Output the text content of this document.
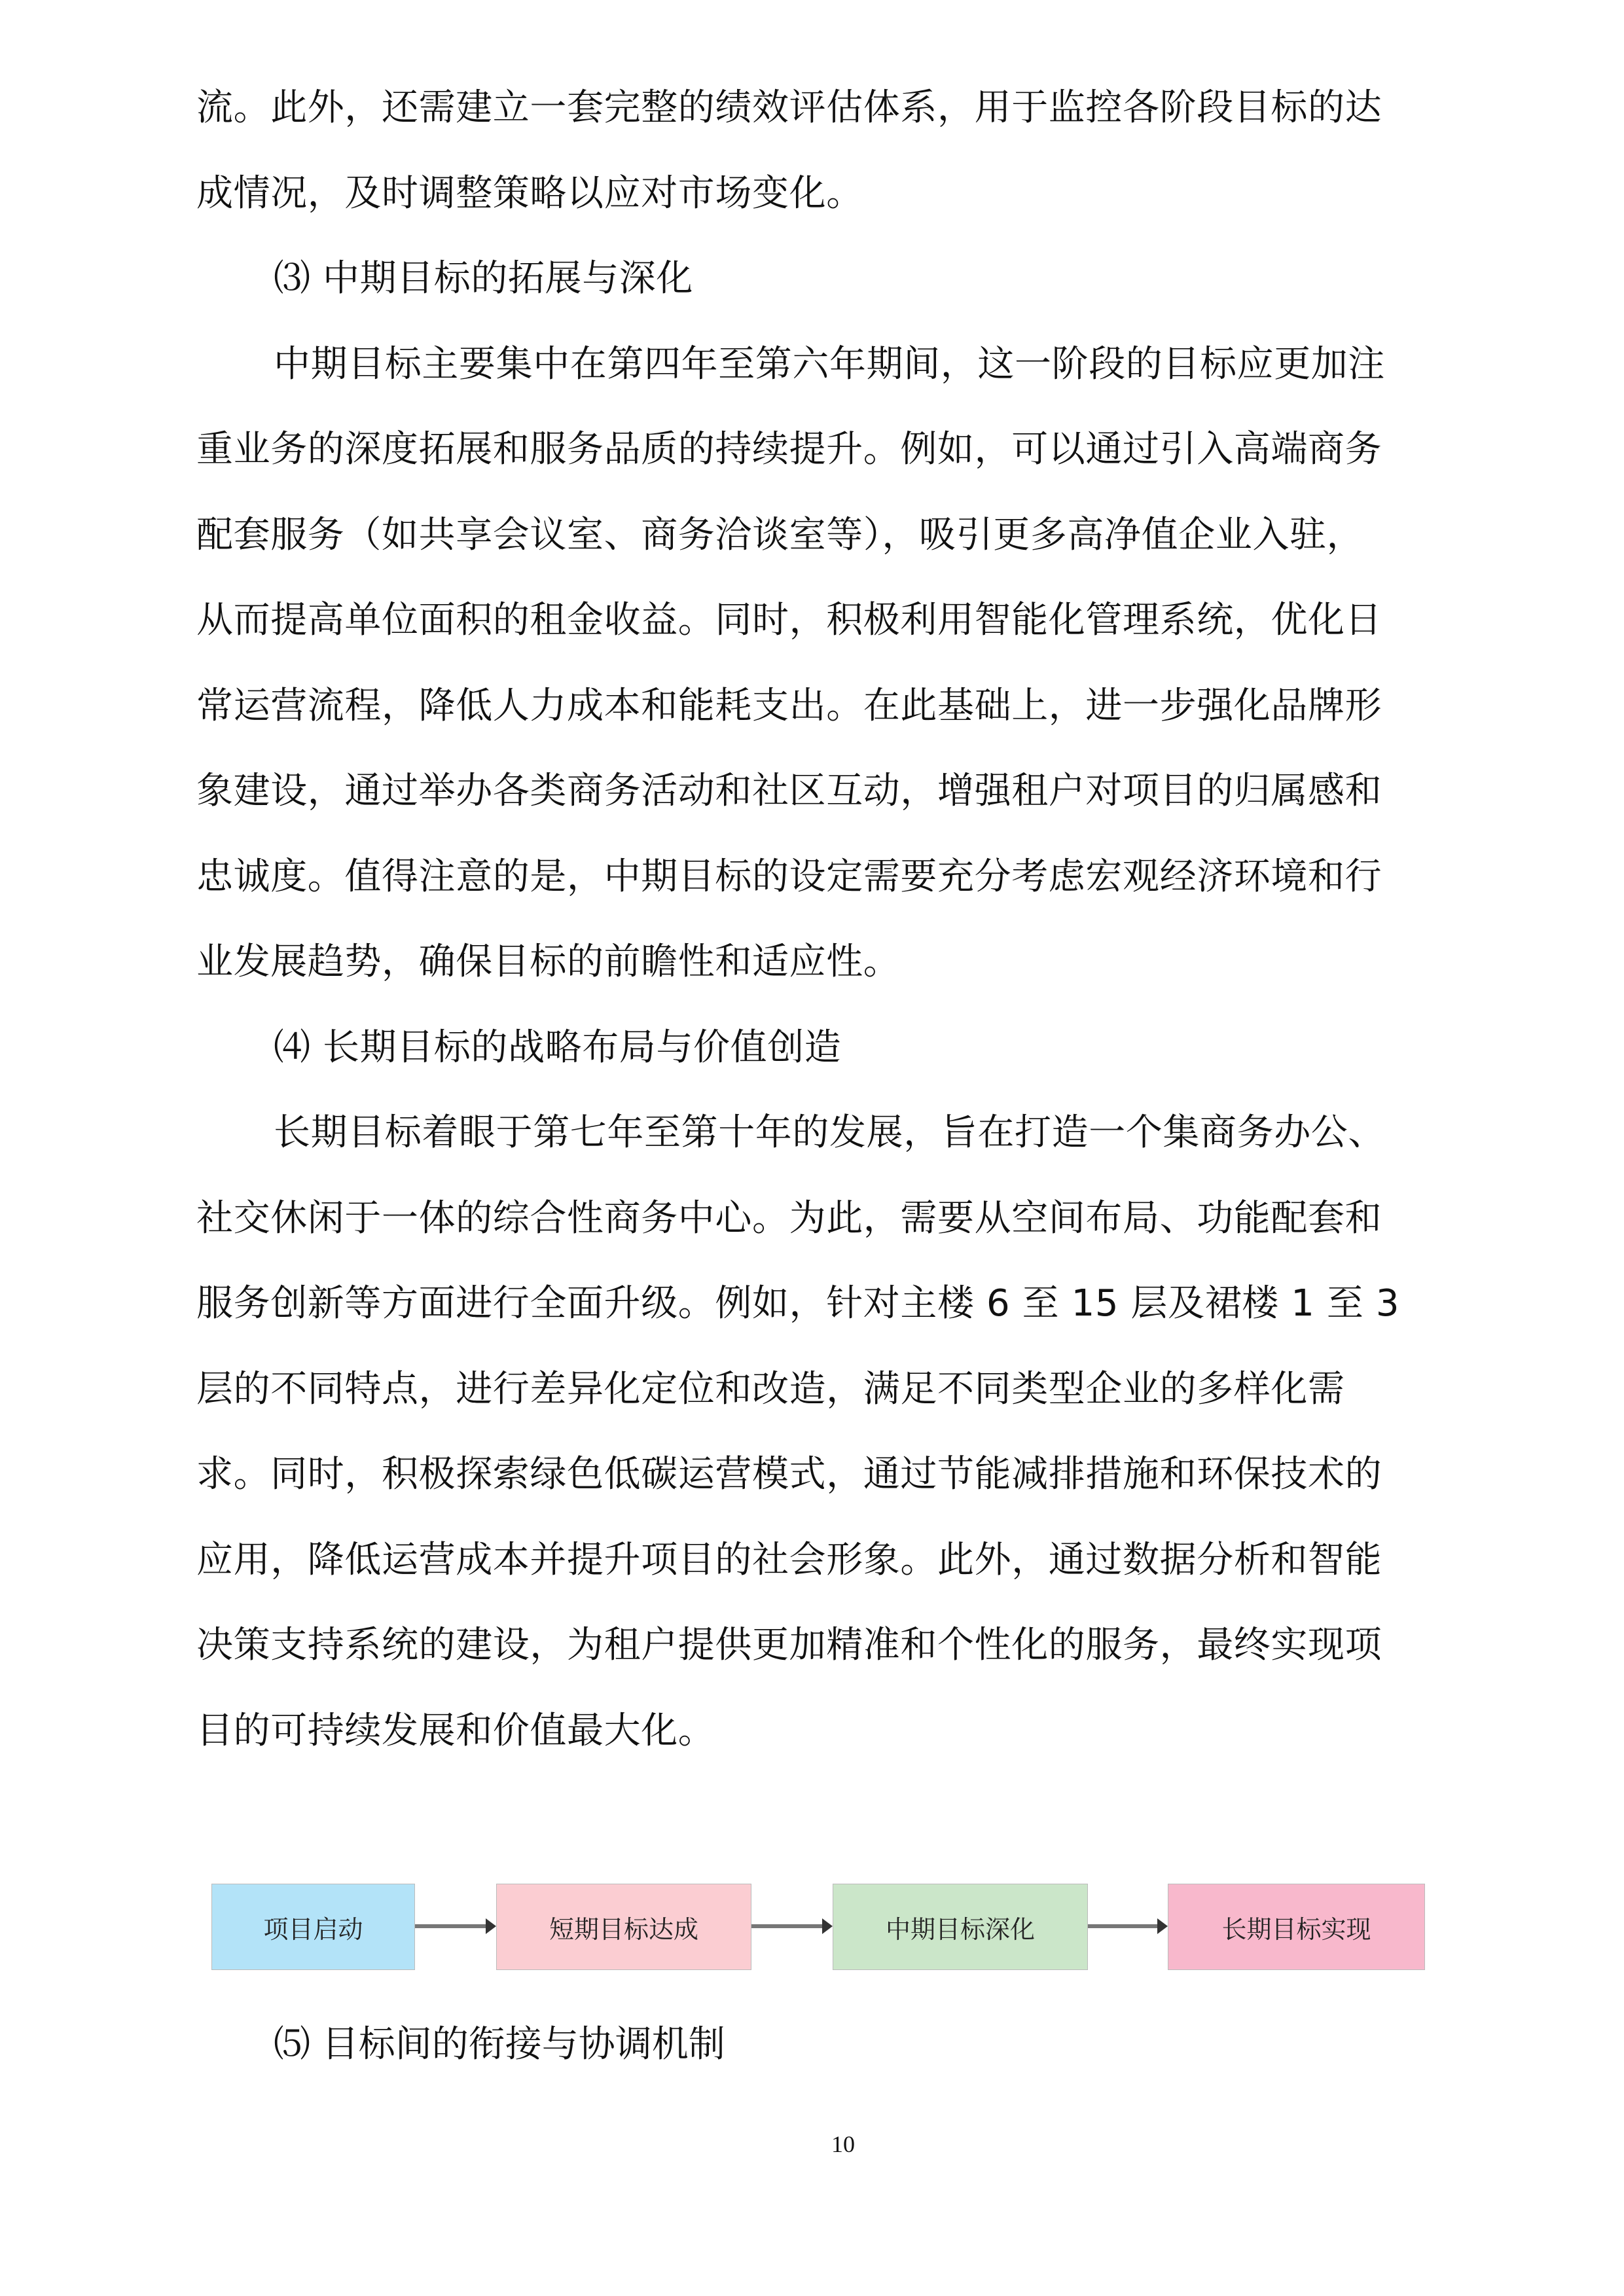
流。此外，还需建立一套完整的绩效评估体系，用于监控各阶段目标的达
成情况，及时调整策略以应对市场变化。
⑶ 中期目标的拓展与深化
中期目标主要集中在第四年至第六年期间，这一阶段的目标应更加注
重业务的深度拓展和服务品质的持续提升。例如，可以通过引入高端商务
配套服务（如共享会议室、商务洽谈室等），吸引更多高净值企业入驻，
从而提高单位面积的租金收益。同时，积极利用智能化管理系统，优化日
常运营流程，降低人力成本和能耗支出。在此基础上，进一步强化品牌形
象建设，通过举办各类商务活动和社区互动，增强租户对项目的归属感和
忠诚度。值得注意的是，中期目标的设定需要充分考虑宏观经济环境和行
业发展趋势，确保目标的前瞻性和适应性。
⑷ 长期目标的战略布局与价值创造
长期目标着眼于第七年至第十年的发展，旨在打造一个集商务办公、
社交休闲于一体的综合性商务中心。为此，需要从空间布局、功能配套和
服务创新等方面进行全面升级。例如，针对主楼 6 至 15 层及裙楼 1 至 3
层的不同特点，进行差异化定位和改造，满足不同类型企业的多样化需
求。同时，积极探索绿色低碳运营模式，通过节能减排措施和环保技术的
应用，降低运营成本并提升项目的社会形象。此外，通过数据分析和智能
决策支持系统的建设，为租户提供更加精准和个性化的服务，最终实现项
目的可持续发展和价值最大化。
项目启动	短期目标达成	中期目标深化	长期目标实现
⑸ 目标间的衔接与协调机制
10
